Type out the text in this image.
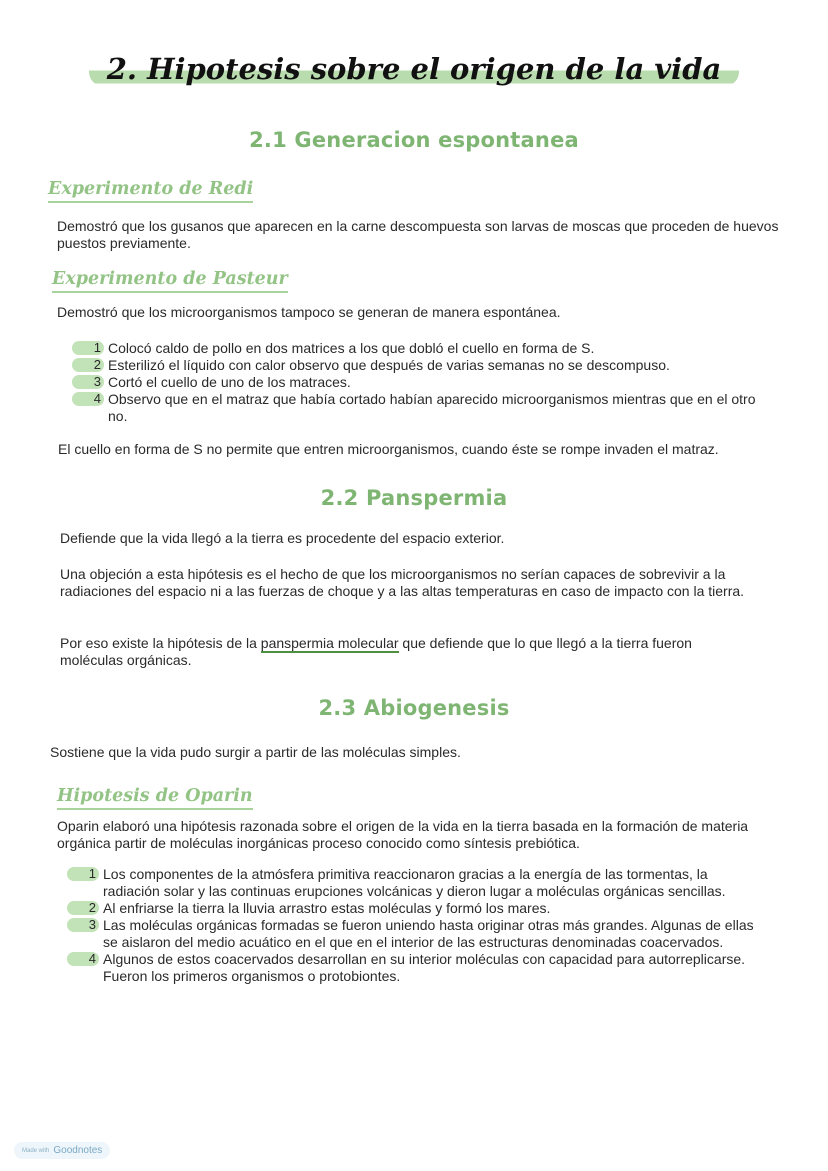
2. Hipotesis sobre el origen de la vida
2.1 Generacion espontanea
Experimento de Redi
Demostró que los gusanos que aparecen en la carne descompuesta son larvas de moscas que proceden de huevos puestos previamente.
Experimento de Pasteur
Demostró que los microorganismos tampoco se generan de manera espontánea.
1 Colocó caldo de pollo en dos matrices a los que dobló el cuello en forma de S.
2 Esterilizó el líquido con calor observo que después de varias semanas no se descompuso.
3 Cortó el cuello de uno de los matraces.
4 Observo que en el matraz que había cortado habían aparecido microorganismos mientras que en el otro no.
El cuello en forma de S no permite que entren microorganismos, cuando éste se rompe invaden el matraz.
2.2 Panspermia
Defiende que la vida llegó a la tierra es procedente del espacio exterior.
Una objeción a esta hipótesis es el hecho de que los microorganismos no serían capaces de sobrevivir a la radiaciones del espacio ni a las fuerzas de choque y a las altas temperaturas en caso de impacto con la tierra.
Por eso existe la hipótesis de la panspermia molecular que defiende que lo que llegó a la tierra fueron moléculas orgánicas.
2.3 Abiogenesis
Sostiene que la vida pudo surgir a partir de las moléculas simples.
Hipotesis de Oparin
Oparin elaboró una hipótesis razonada sobre el origen de la vida en la tierra basada en la formación de materia orgánica partir de moléculas inorgánicas proceso conocido como síntesis prebiótica.
1 Los componentes de la atmósfera primitiva reaccionaron gracias a la energía de las tormentas, la radiación solar y las continuas erupciones volcánicas y dieron lugar a moléculas orgánicas sencillas.
2 Al enfriarse la tierra la lluvia arrastro estas moléculas y formó los mares.
3 Las moléculas orgánicas formadas se fueron uniendo hasta originar otras más grandes. Algunas de ellas se aislaron del medio acuático en el que en el interior de las estructuras denominadas coacervados.
4 Algunos de estos coacervados desarrollan en su interior moléculas con capacidad para autorreplicarse. Fueron los primeros organismos o protobiontes.
Made with Goodnotes
